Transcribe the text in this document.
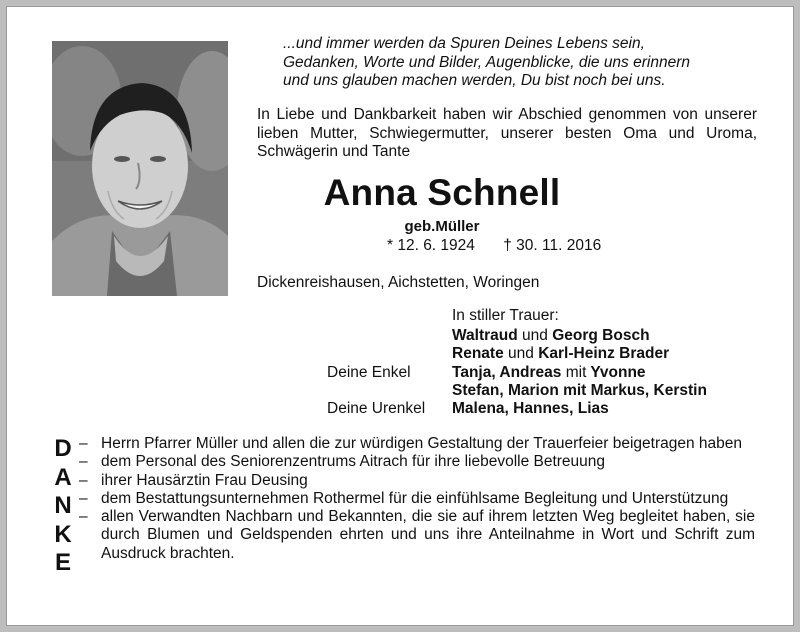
...und immer werden da Spuren Deines Lebens sein,
Gedanken, Worte und Bilder, Augenblicke, die uns erinnern
und uns glauben machen werden, Du bist noch bei uns.
In Liebe und Dankbarkeit haben wir Abschied genommen von unserer lieben Mutter, Schwiegermutter, unserer besten Oma und Uroma, Schwägerin und Tante
Anna Schnell
geb.Müller
* 12. 6. 1924 † 30. 11. 2016
Dickenreishausen, Aichstetten, Woringen
In stiller Trauer:
Waltraud und Georg Bosch
Renate und Karl-Heinz Brader
Deine Enkel	Tanja, Andreas mit Yvonne
Stefan, Marion mit Markus, Kerstin
Deine Urenkel	Malena, Hannes, Lias
D
A
N
K
E
– Herrn Pfarrer Müller und allen die zur würdigen Gestaltung der Trauerfeier beigetragen haben
– dem Personal des Seniorenzentrums Aitrach für ihre liebevolle Betreuung
– ihrer Hausärztin Frau Deusing
– dem Bestattungsunternehmen Rothermel für die einfühlsame Begleitung und Unterstützung
– allen Verwandten Nachbarn und Bekannten, die sie auf ihrem letzten Weg begleitet haben, sie durch Blumen und Geldspenden ehrten und uns ihre Anteilnahme in Wort und Schrift zum Ausdruck brachten.
